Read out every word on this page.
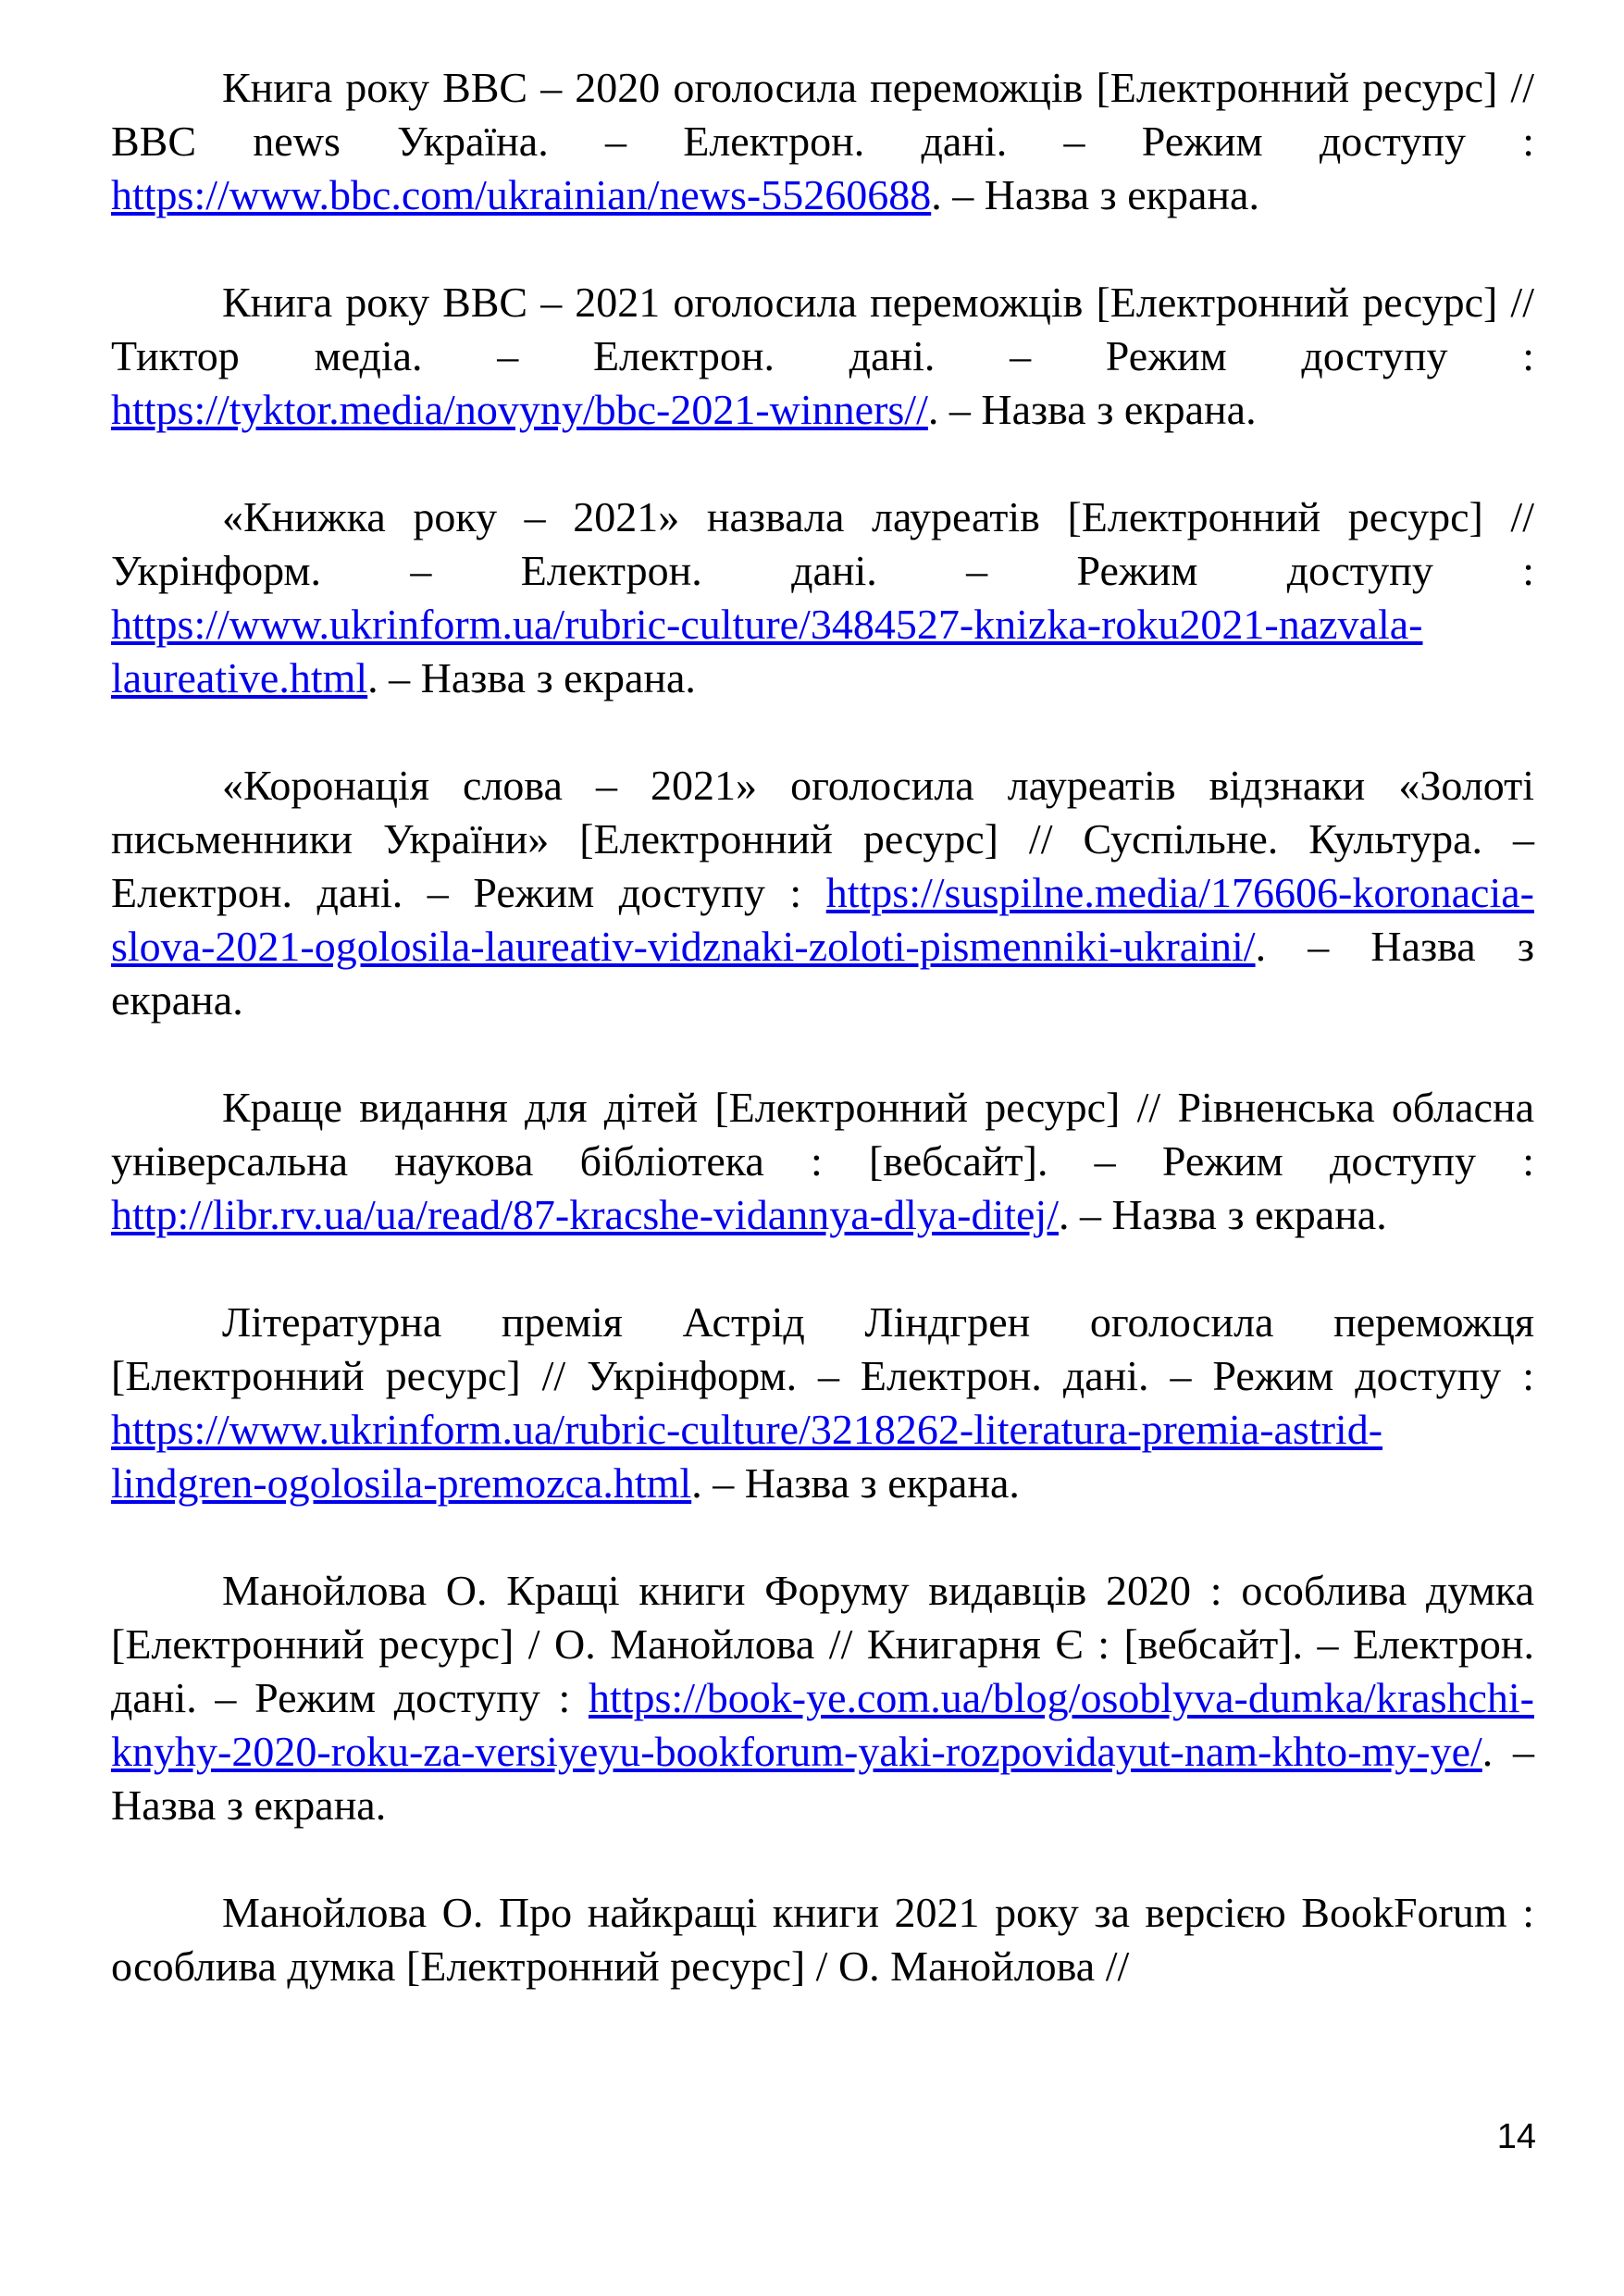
Книга року ВВС – 2020 оголосила переможців [Електронний ресурс] // BBC news Україна. – Електрон. дані. – Режим доступу : https://www.bbc.com/ukrainian/news-55260688. – Назва з екрана.

Книга року ВВС – 2021 оголосила переможців [Електронний ресурс] // Тиктор медіа. – Електрон. дані. – Режим доступу : https://tyktor.media/novyny/bbc-2021-winners//. – Назва з екрана.

«Книжка року – 2021» назвала лауреатів [Електронний ресурс] // Укрінформ. – Електрон. дані. – Режим доступу : https://www.ukrinform.ua/rubric-culture/3484527-knizka-roku2021-nazvala-laureative.html. – Назва з екрана.

«Коронація слова – 2021» оголосила лауреатів відзнаки «Золоті письменники України» [Електронний ресурс] // Суспільне. Культура. – Електрон. дані. – Режим доступу : https://suspilne.media/176606-koronacia-slova-2021-ogolosila-laureativ-vidznaki-zoloti-pismenniki-ukraini/. – Назва з екрана.

Краще видання для дітей [Електронний ресурс] // Рівненська обласна універсальна наукова бібліотека : [вебсайт]. – Режим доступу : http://libr.rv.ua/ua/read/87-kracshe-vidannya-dlya-ditej/. – Назва з екрана.

Літературна премія Астрід Ліндгрен оголосила переможця [Електронний ресурс] // Укрінформ. – Електрон. дані. – Режим доступу : https://www.ukrinform.ua/rubric-culture/3218262-literatura-premia-astrid-lindgren-ogolosila-premozca.html. – Назва з екрана.

Манойлова О. Кращі книги Форуму видавців 2020 : особлива думка [Електронний ресурс] / О. Манойлова // Книгарня Є : [вебсайт]. – Електрон. дані. – Режим доступу : https://book-ye.com.ua/blog/osoblyva-dumka/krashchi-knyhy-2020-roku-za-versiyeyu-bookforum-yaki-rozpovidayut-nam-khto-my-ye/. – Назва з екрана.

Манойлова О. Про найкращі книги 2021 року за версією BookForum : особлива думка [Електронний ресурс] / О. Манойлова //

14
